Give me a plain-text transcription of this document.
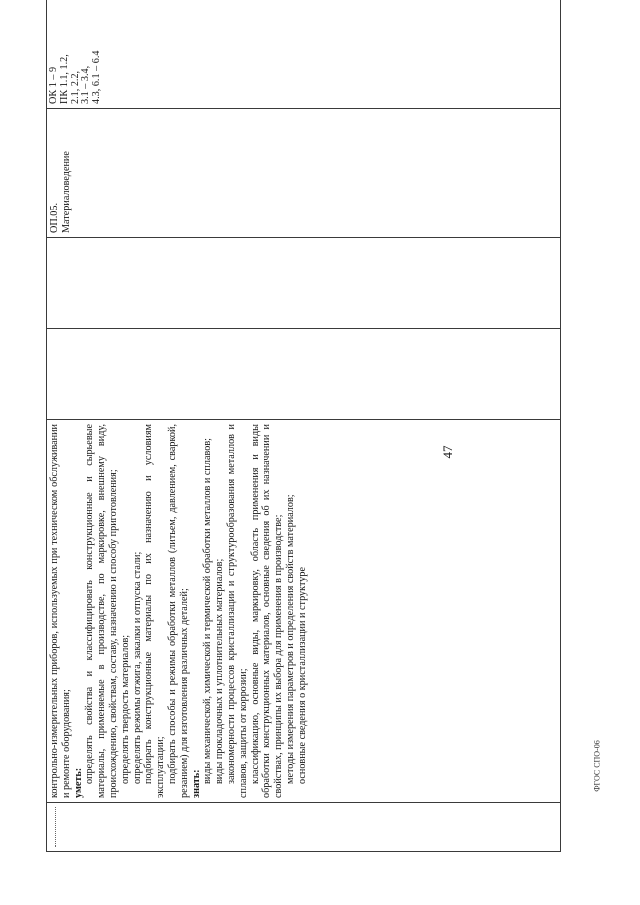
47
ФГОС СПО-06

контрольно-измерительных приборов, используемых при техническом обслуживании и ремонте оборудования; уметь: определять свойства и классифицировать конструкционные и сырьевые материалы, применяемые в производстве, по маркировке, внешнему виду, происхождению, свойствам, составу, назначению и способу приготовления; определять твердость материалов; определять режимы отжига, закалки и отпуска стали; подбирать конструкционные материалы по их назначению и условиям эксплуатации; подбирать способы и режимы обработки металлов (литьем, давлением, сваркой, резанием) для изготовления различных деталей; знать: виды механической, химической и термической обработки металлов и сплавов; виды прокладочных и уплотнительных материалов; закономерности процессов кристаллизации и структурообразования металлов и сплавов, защиты от коррозии; классификацию, основные виды, маркировку, область применения и виды обработки конструкционных материалов, основные сведения об их назначении и свойствах, принципы их выбора для применения в производстве; методы измерения параметров и определения свойств материалов; основные сведения о кристаллизации и структуре

ОП.05. Материаловедение

ОК 1 – 9 ПК 1.1, 1.2, 2.1, 2.2, 3.1 – 3.4, 4.3, 6.1 – 6.4
